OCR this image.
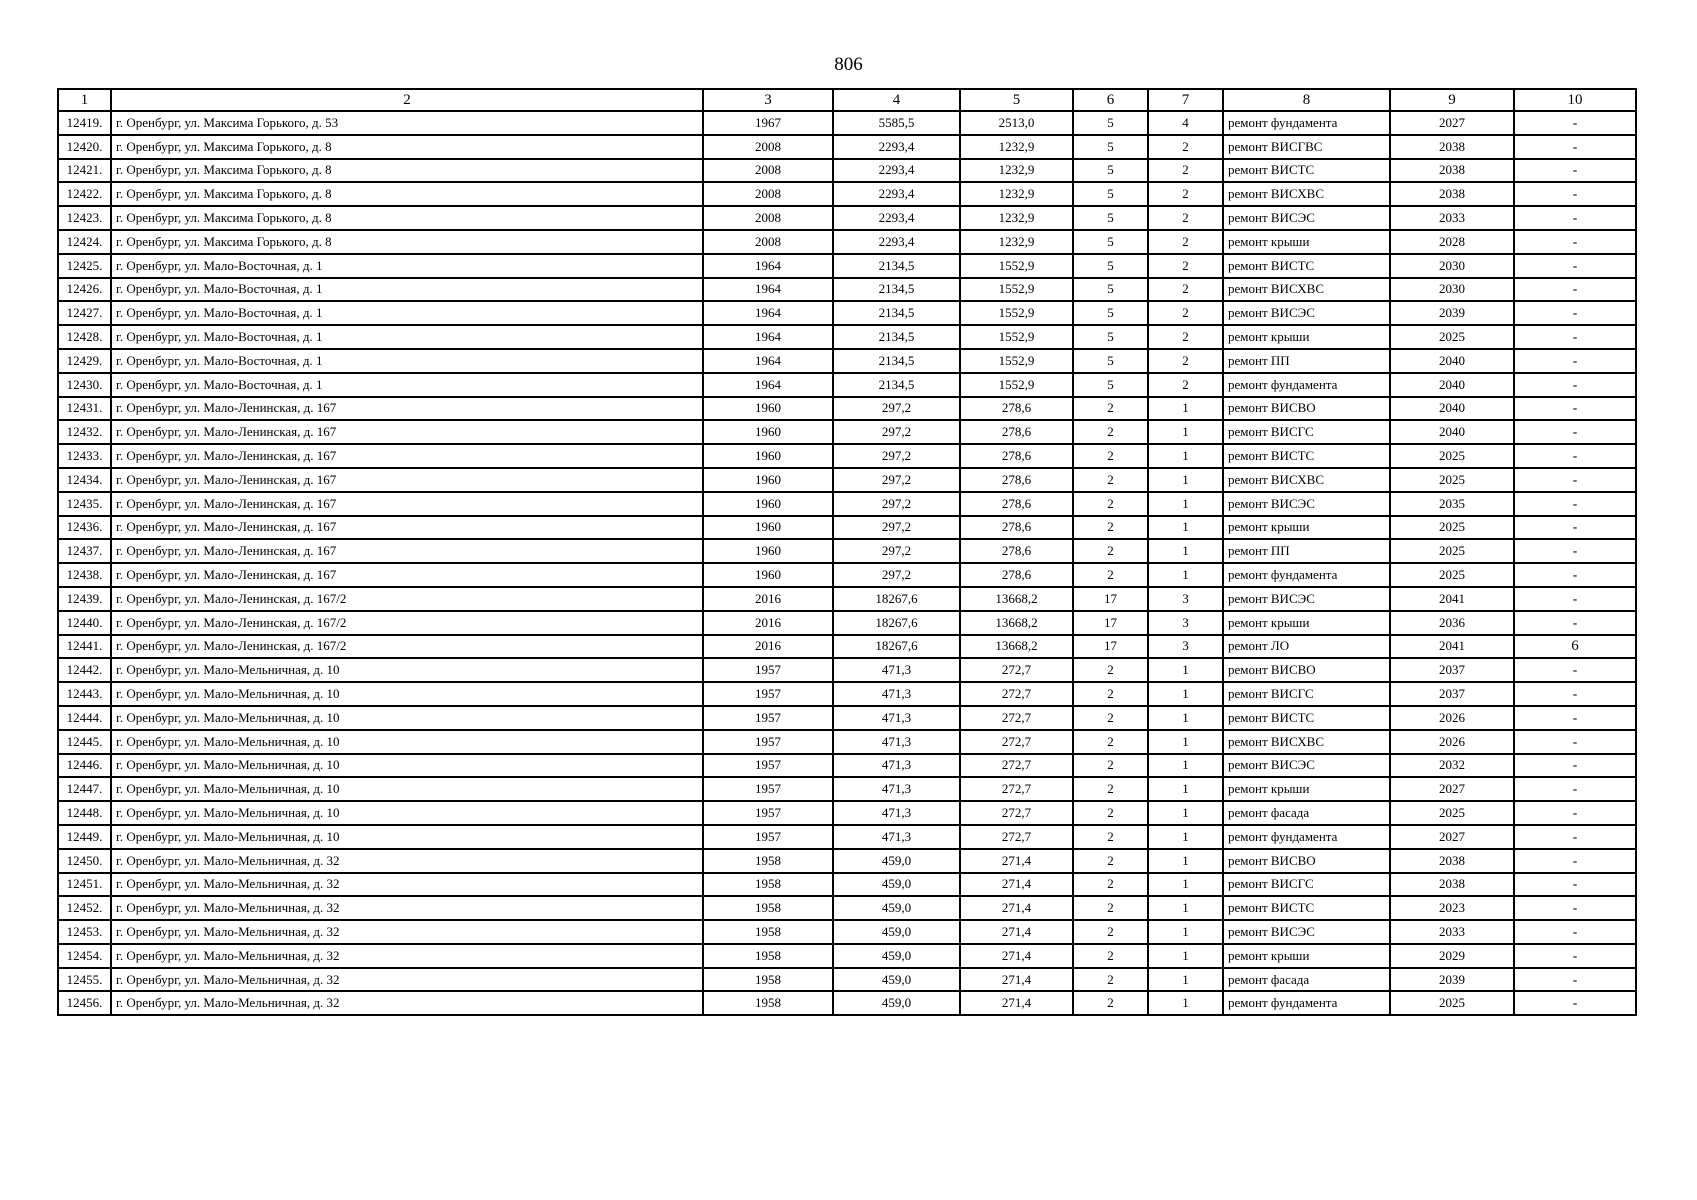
806
1	2	3	4	5	6	7	8	9	10
12419.	г. Оренбург, ул. Максима Горького, д. 53	1967	5585,5	2513,0	5	4	ремонт фундамента	2027	-
12420.	г. Оренбург, ул. Максима Горького, д. 8	2008	2293,4	1232,9	5	2	ремонт ВИСГВС	2038	-
12421.	г. Оренбург, ул. Максима Горького, д. 8	2008	2293,4	1232,9	5	2	ремонт ВИСТС	2038	-
12422.	г. Оренбург, ул. Максима Горького, д. 8	2008	2293,4	1232,9	5	2	ремонт ВИСХВС	2038	-
12423.	г. Оренбург, ул. Максима Горького, д. 8	2008	2293,4	1232,9	5	2	ремонт ВИСЭС	2033	-
12424.	г. Оренбург, ул. Максима Горького, д. 8	2008	2293,4	1232,9	5	2	ремонт крыши	2028	-
12425.	г. Оренбург, ул. Мало-Восточная, д. 1	1964	2134,5	1552,9	5	2	ремонт ВИСТС	2030	-
12426.	г. Оренбург, ул. Мало-Восточная, д. 1	1964	2134,5	1552,9	5	2	ремонт ВИСХВС	2030	-
12427.	г. Оренбург, ул. Мало-Восточная, д. 1	1964	2134,5	1552,9	5	2	ремонт ВИСЭС	2039	-
12428.	г. Оренбург, ул. Мало-Восточная, д. 1	1964	2134,5	1552,9	5	2	ремонт крыши	2025	-
12429.	г. Оренбург, ул. Мало-Восточная, д. 1	1964	2134,5	1552,9	5	2	ремонт ПП	2040	-
12430.	г. Оренбург, ул. Мало-Восточная, д. 1	1964	2134,5	1552,9	5	2	ремонт фундамента	2040	-
12431.	г. Оренбург, ул. Мало-Ленинская, д. 167	1960	297,2	278,6	2	1	ремонт ВИСВО	2040	-
12432.	г. Оренбург, ул. Мало-Ленинская, д. 167	1960	297,2	278,6	2	1	ремонт ВИСГС	2040	-
12433.	г. Оренбург, ул. Мало-Ленинская, д. 167	1960	297,2	278,6	2	1	ремонт ВИСТС	2025	-
12434.	г. Оренбург, ул. Мало-Ленинская, д. 167	1960	297,2	278,6	2	1	ремонт ВИСХВС	2025	-
12435.	г. Оренбург, ул. Мало-Ленинская, д. 167	1960	297,2	278,6	2	1	ремонт ВИСЭС	2035	-
12436.	г. Оренбург, ул. Мало-Ленинская, д. 167	1960	297,2	278,6	2	1	ремонт крыши	2025	-
12437.	г. Оренбург, ул. Мало-Ленинская, д. 167	1960	297,2	278,6	2	1	ремонт ПП	2025	-
12438.	г. Оренбург, ул. Мало-Ленинская, д. 167	1960	297,2	278,6	2	1	ремонт фундамента	2025	-
12439.	г. Оренбург, ул. Мало-Ленинская, д. 167/2	2016	18267,6	13668,2	17	3	ремонт ВИСЭС	2041	-
12440.	г. Оренбург, ул. Мало-Ленинская, д. 167/2	2016	18267,6	13668,2	17	3	ремонт крыши	2036	-
12441.	г. Оренбург, ул. Мало-Ленинская, д. 167/2	2016	18267,6	13668,2	17	3	ремонт ЛО	2041	6
12442.	г. Оренбург, ул. Мало-Мельничная, д. 10	1957	471,3	272,7	2	1	ремонт ВИСВО	2037	-
12443.	г. Оренбург, ул. Мало-Мельничная, д. 10	1957	471,3	272,7	2	1	ремонт ВИСГС	2037	-
12444.	г. Оренбург, ул. Мало-Мельничная, д. 10	1957	471,3	272,7	2	1	ремонт ВИСТС	2026	-
12445.	г. Оренбург, ул. Мало-Мельничная, д. 10	1957	471,3	272,7	2	1	ремонт ВИСХВС	2026	-
12446.	г. Оренбург, ул. Мало-Мельничная, д. 10	1957	471,3	272,7	2	1	ремонт ВИСЭС	2032	-
12447.	г. Оренбург, ул. Мало-Мельничная, д. 10	1957	471,3	272,7	2	1	ремонт крыши	2027	-
12448.	г. Оренбург, ул. Мало-Мельничная, д. 10	1957	471,3	272,7	2	1	ремонт фасада	2025	-
12449.	г. Оренбург, ул. Мало-Мельничная, д. 10	1957	471,3	272,7	2	1	ремонт фундамента	2027	-
12450.	г. Оренбург, ул. Мало-Мельничная, д. 32	1958	459,0	271,4	2	1	ремонт ВИСВО	2038	-
12451.	г. Оренбург, ул. Мало-Мельничная, д. 32	1958	459,0	271,4	2	1	ремонт ВИСГС	2038	-
12452.	г. Оренбург, ул. Мало-Мельничная, д. 32	1958	459,0	271,4	2	1	ремонт ВИСТС	2023	-
12453.	г. Оренбург, ул. Мало-Мельничная, д. 32	1958	459,0	271,4	2	1	ремонт ВИСЭС	2033	-
12454.	г. Оренбург, ул. Мало-Мельничная, д. 32	1958	459,0	271,4	2	1	ремонт крыши	2029	-
12455.	г. Оренбург, ул. Мало-Мельничная, д. 32	1958	459,0	271,4	2	1	ремонт фасада	2039	-
12456.	г. Оренбург, ул. Мало-Мельничная, д. 32	1958	459,0	271,4	2	1	ремонт фундамента	2025	-
